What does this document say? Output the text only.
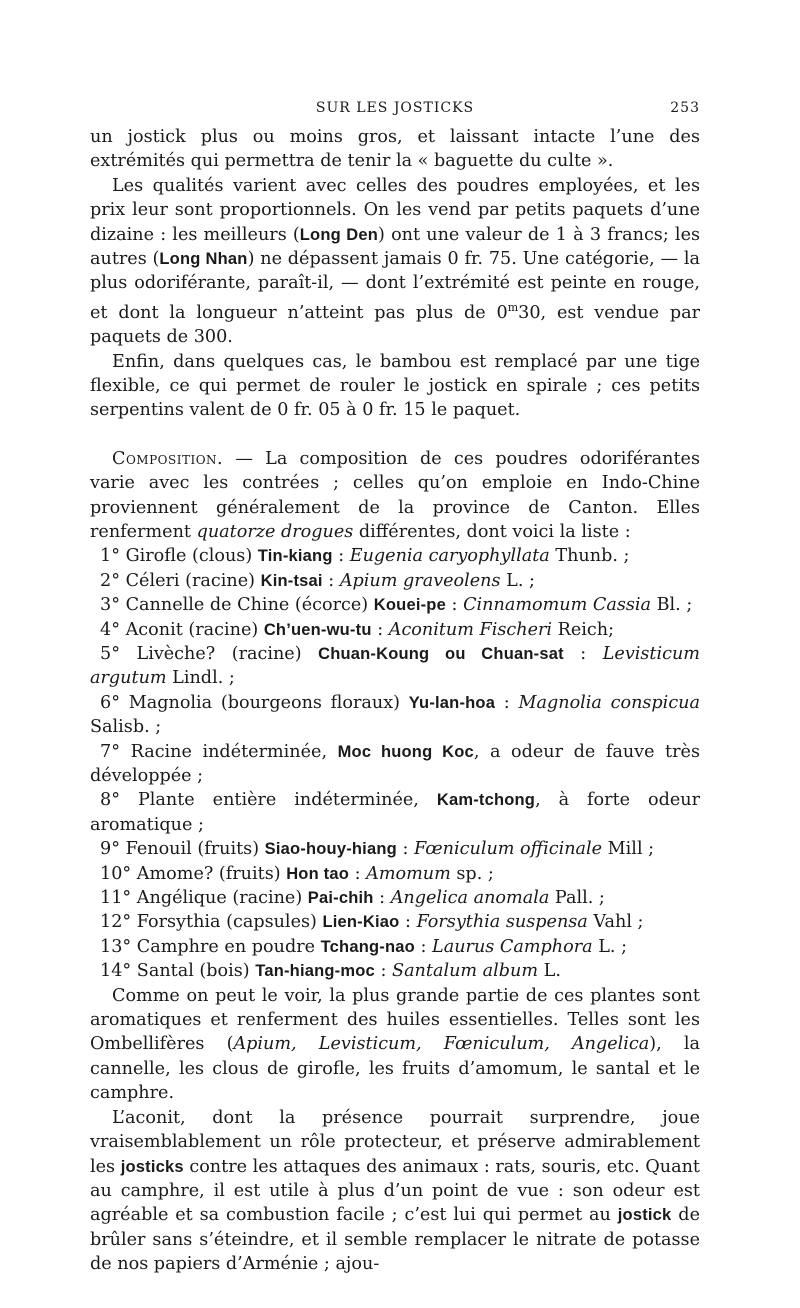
SUR LES JOSTICKS	253

un jostick plus ou moins gros, et laissant intacte l’une des extrémités qui permettra de tenir la « baguette du culte ».

Les qualités varient avec celles des poudres employées, et les prix leur sont proportionnels. On les vend par petits paquets d’une dizaine : les meilleurs (Long Den) ont une valeur de 1 à 3 francs; les autres (Long Nhan) ne dépassent jamais 0 fr. 75. Une catégorie, — la plus odoriférante, paraît-il, — dont l’extrémité est peinte en rouge, et dont la longueur n’atteint pas plus de 0$^m$30, est vendue par paquets de 300.

Enfin, dans quelques cas, le bambou est remplacé par une tige flexible, ce qui permet de rouler le jostick en spirale ; ces petits serpentins valent de 0 fr. 05 à 0 fr. 15 le paquet.

Composition. — La composition de ces poudres odoriférantes varie avec les contrées ; celles qu’on emploie en Indo-Chine proviennent généralement de la province de Canton. Elles renferment quatorze drogues différentes, dont voici la liste :

1° Girofle (clous) Tin-kiang : Eugenia caryophyllata Thunb. ;

2° Céleri (racine) Kin-tsai : Apium graveolens L. ;

3° Cannelle de Chine (écorce) Kouei-pe : Cinnamomum Cassia Bl. ;

4° Aconit (racine) Ch’uen-wu-tu : Aconitum Fischeri Reich;

5° Livèche? (racine) Chuan-Koung ou Chuan-sat : Levisticum argutum Lindl. ;

6° Magnolia (bourgeons floraux) Yu-lan-hoa : Magnolia conspicua Salisb. ;

7° Racine indéterminée, Moc huong Koc, a odeur de fauve très développée ;

8° Plante entière indéterminée, Kam-tchong, à forte odeur aromatique ;

9° Fenouil (fruits) Siao-houy-hiang : Fœniculum officinale Mill ;

10° Amome? (fruits) Hon tao : Amomum sp. ;

11° Angélique (racine) Pai-chih : Angelica anomala Pall. ;

12° Forsythia (capsules) Lien-Kiao : Forsythia suspensa Vahl ;

13° Camphre en poudre Tchang-nao : Laurus Camphora L. ;

14° Santal (bois) Tan-hiang-moc : Santalum album L.

Comme on peut le voir, la plus grande partie de ces plantes sont aromatiques et renferment des huiles essentielles. Telles sont les Ombellifères (Apium, Levisticum, Fœniculum, Angelica), la cannelle, les clous de girofle, les fruits d’amomum, le santal et le camphre.

L’aconit, dont la présence pourrait surprendre, joue vraisemblablement un rôle protecteur, et préserve admirablement les josticks contre les attaques des animaux : rats, souris, etc. Quant au camphre, il est utile à plus d’un point de vue : son odeur est agréable et sa combustion facile ; c’est lui qui permet au jostick de brûler sans s’éteindre, et il semble remplacer le nitrate de potasse de nos papiers d’Arménie ; ajou-
